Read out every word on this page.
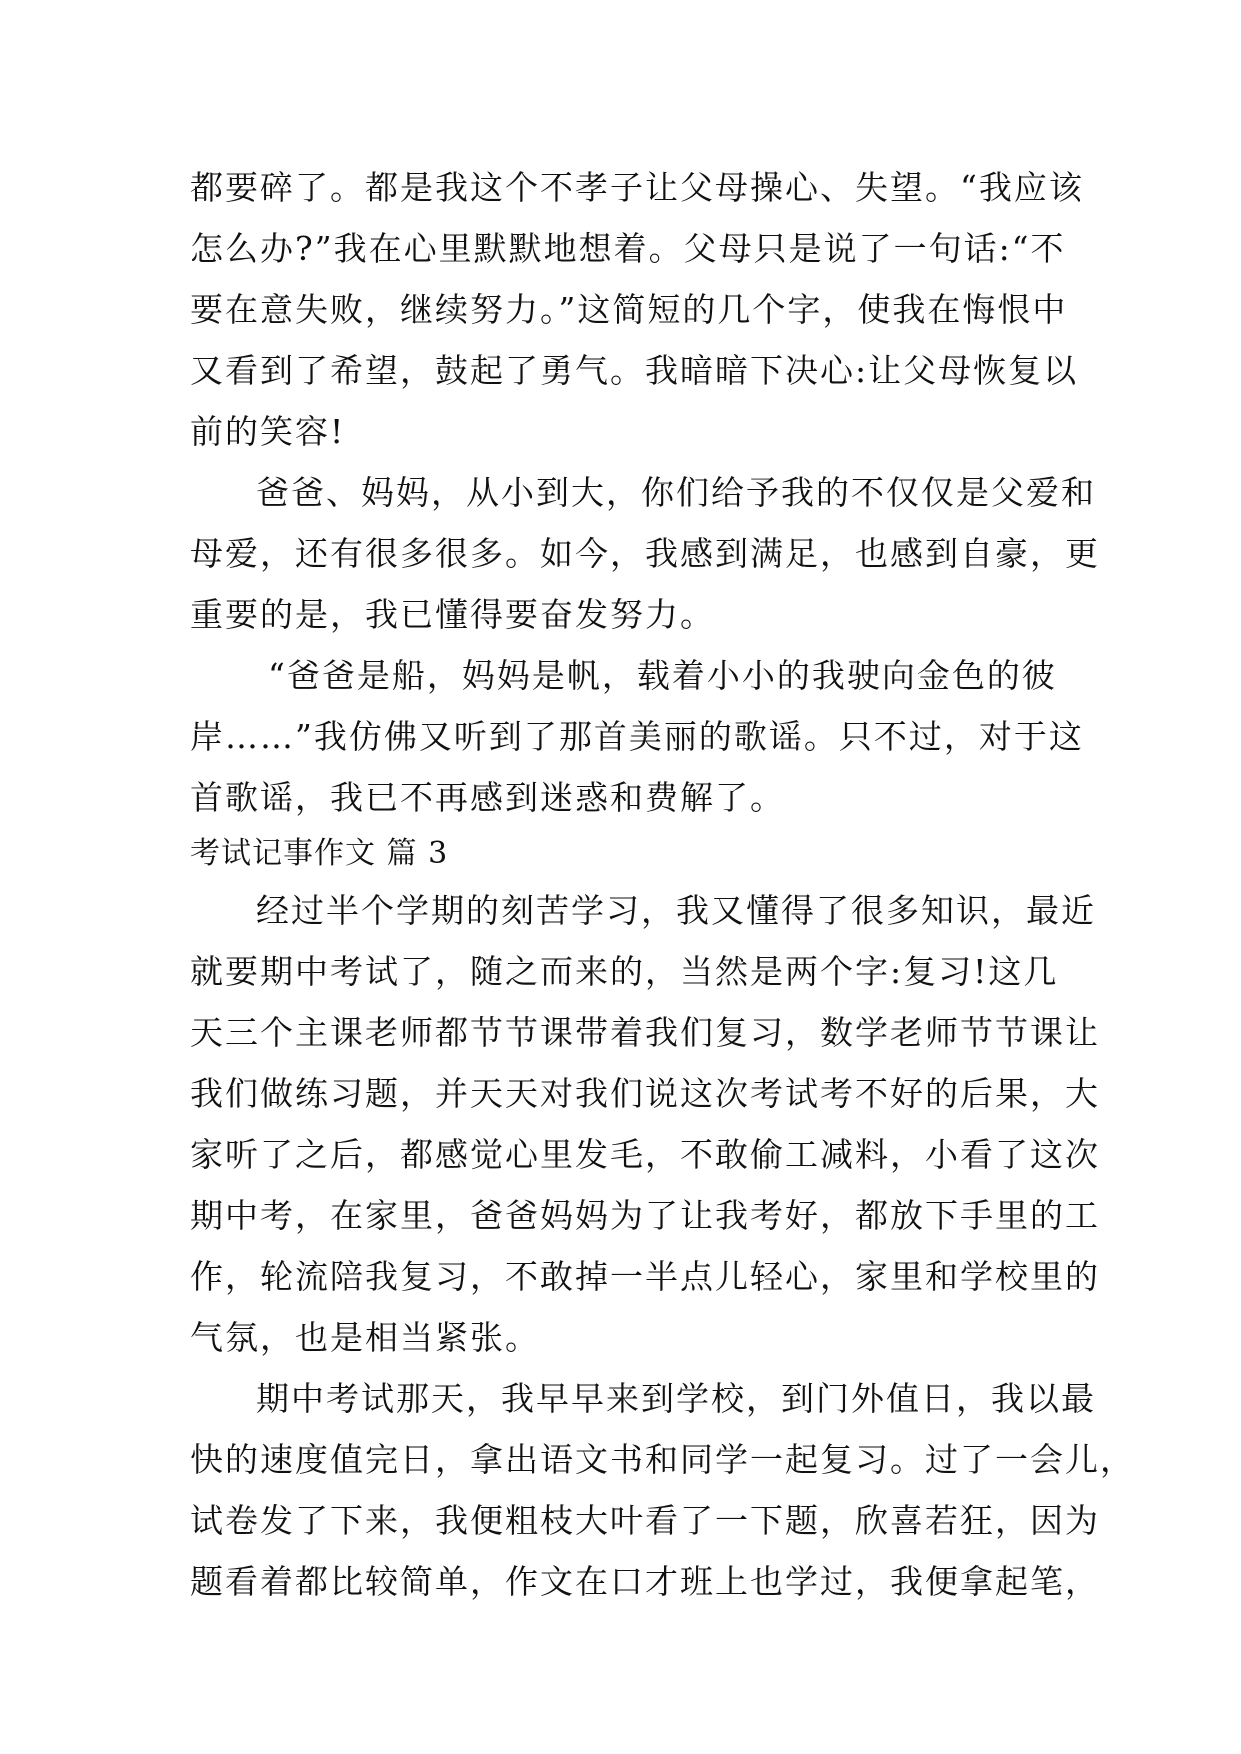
都要碎了。都是我这个不孝子让父母操心、失望。“我应该
怎么办?”我在心里默默地想着。父母只是说了一句话:“不
要在意失败，继续努力。”这简短的几个字，使我在悔恨中
又看到了希望，鼓起了勇气。我暗暗下决心:让父母恢复以
前的笑容!
爸爸、妈妈，从小到大，你们给予我的不仅仅是父爱和
母爱，还有很多很多。如今，我感到满足，也感到自豪，更
重要的是，我已懂得要奋发努力。
“爸爸是船，妈妈是帆，载着小小的我驶向金色的彼
岸……”我仿佛又听到了那首美丽的歌谣。只不过，对于这
首歌谣，我已不再感到迷惑和费解了。
考试记事作文 篇 3
经过半个学期的刻苦学习，我又懂得了很多知识，最近
就要期中考试了，随之而来的，当然是两个字:复习!这几
天三个主课老师都节节课带着我们复习，数学老师节节课让
我们做练习题，并天天对我们说这次考试考不好的后果，大
家听了之后，都感觉心里发毛，不敢偷工减料，小看了这次
期中考，在家里，爸爸妈妈为了让我考好，都放下手里的工
作，轮流陪我复习，不敢掉一半点儿轻心，家里和学校里的
气氛，也是相当紧张。
期中考试那天，我早早来到学校，到门外值日，我以最
快的速度值完日，拿出语文书和同学一起复习。过了一会儿，
试卷发了下来，我便粗枝大叶看了一下题，欣喜若狂，因为
题看着都比较简单，作文在口才班上也学过，我便拿起笔，
